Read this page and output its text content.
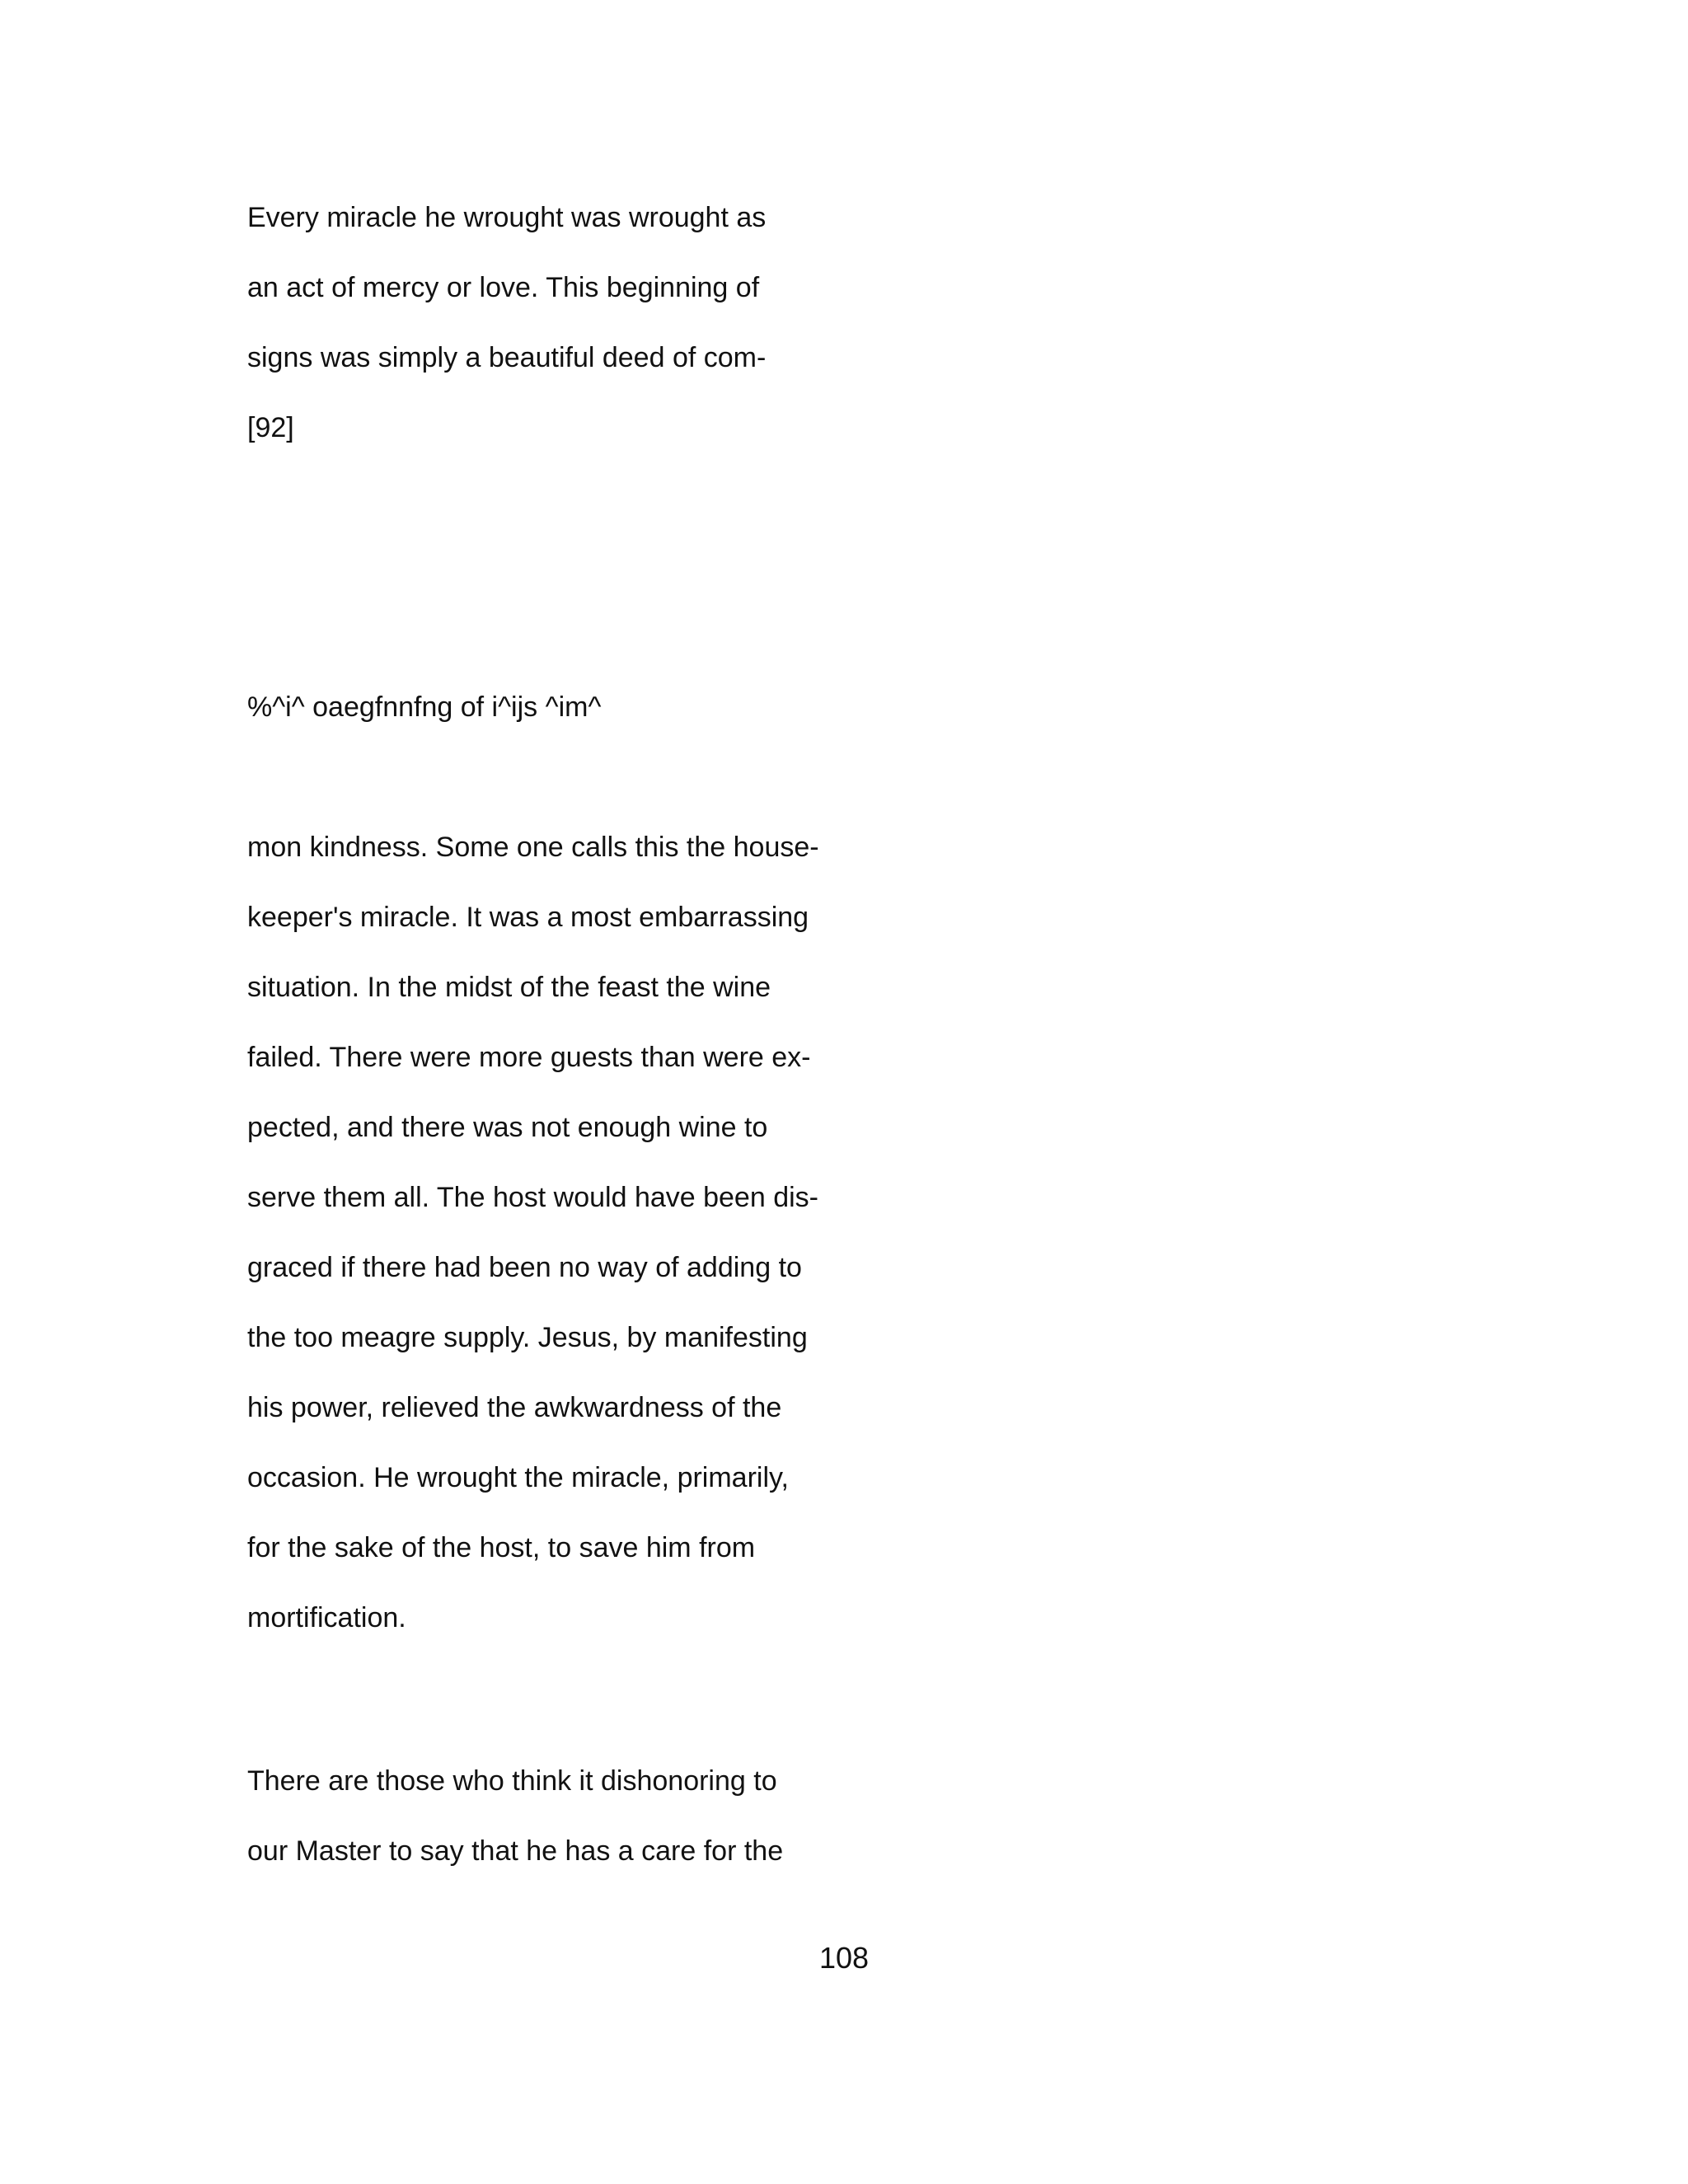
Every miracle he wrought was wrought as
an act of mercy or love. This beginning of
signs was simply a beautiful deed of com-
[92]
%^i^ oaegfnnfng of i^ijs ^im^
mon kindness. Some one calls this the house-
keeper's miracle. It was a most embarrassing
situation. In the midst of the feast the wine
failed. There were more guests than were ex-
pected, and there was not enough wine to
serve them all. The host would have been dis-
graced if there had been no way of adding to
the too meagre supply. Jesus, by manifesting
his power, relieved the awkwardness of the
occasion. He wrought the miracle, primarily,
for the sake of the host, to save him from
mortification.
There are those who think it dishonoring to
our Master to say that he has a care for the
108
